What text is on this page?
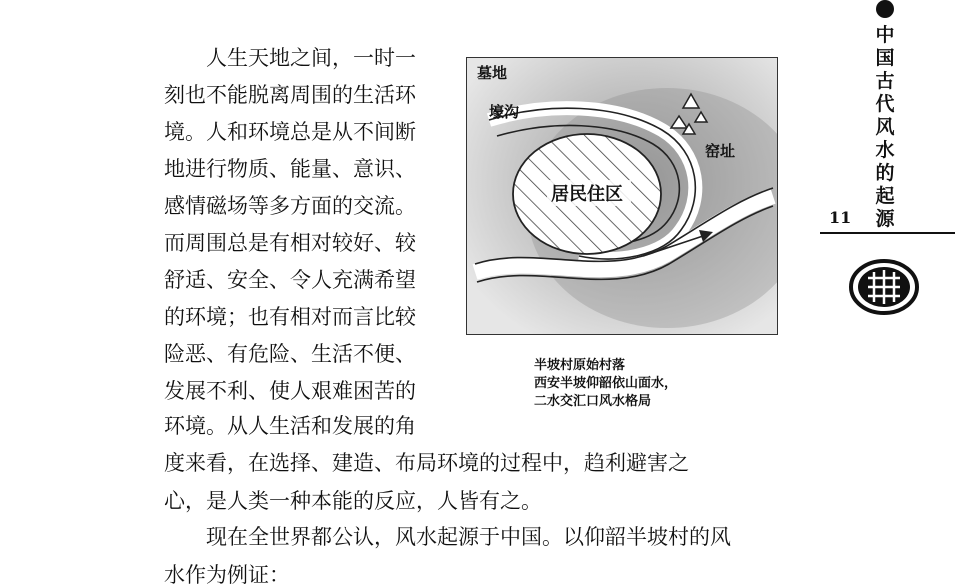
　　人生天地之间，一时一
刻也不能脱离周围的生活环
境。人和环境总是从不间断
地进行物质、能量、意识、
感情磁场等多方面的交流。
而周围总是有相对较好、较
舒适、安全、令人充满希望
的环境；也有相对而言比较
险恶、有危险、生活不便、
发展不利、使人艰难困苦的
环境。从人生活和发展的角
度来看，在选择、建造、布局环境的过程中，趋利避害之
心，是人类一种本能的反应，人皆有之。
　　现在全世界都公认，风水起源于中国。以仰韶半坡村的风
水作为例证：
墓地
壕沟
窑址
居民住区
半坡村原始村落
西安半坡仰韶依山面水，
二水交汇口风水格局
中
国
古
代
风
水
的
起
源
11
